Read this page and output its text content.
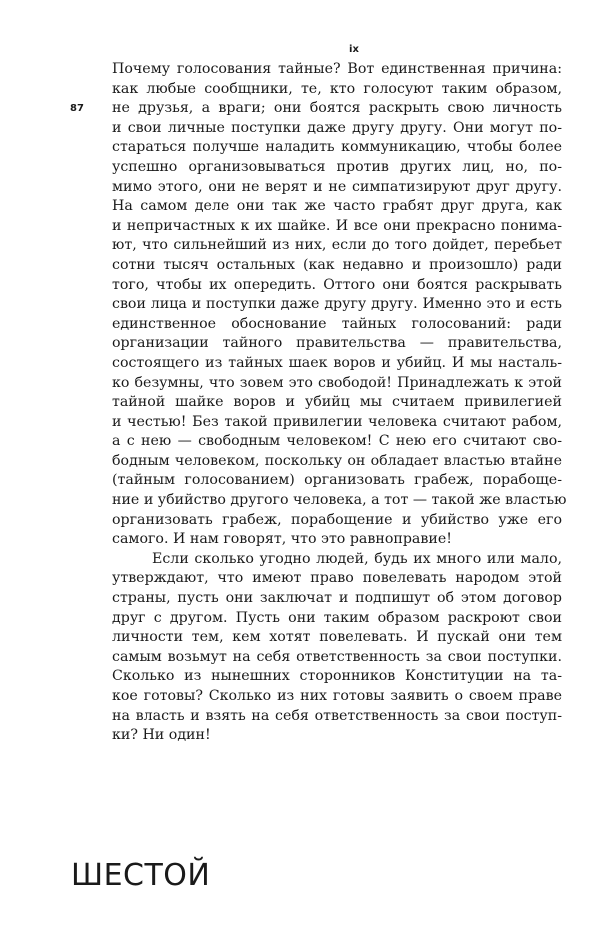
ix
87
Почему голосования тайные? Вот единственная причина:
как любые сообщники, те, кто голосуют таким образом,
не друзья, а враги; они боятся раскрыть свою личность
и свои личные поступки даже другу другу. Они могут по-
стараться получше наладить коммуникацию, чтобы более
успешно организовываться против других лиц, но, по-
мимо этого, они не верят и не симпатизируют друг другу.
На самом деле они так же часто грабят друг друга, как
и непричастных к их шайке. И все они прекрасно понима-
ют, что сильнейший из них, если до того дойдет, перебьет
сотни тысяч остальных (как недавно и произошло) ради
того, чтобы их опередить. Оттого они боятся раскрывать
свои лица и поступки даже другу другу. Именно это и есть
единственное обоснование тайных голосований: ради
организации тайного правительства — правительства,
состоящего из тайных шаек воров и убийц. И мы насталь-
ко безумны, что зовем это свободой! Принадлежать к этой
тайной шайке воров и убийц мы считаем привилегией
и честью! Без такой привилегии человека считают рабом,
а с нею — свободным человеком! С нею его считают сво-
бодным человеком, поскольку он обладает властью втайне
(тайным голосованием) организовать грабеж, порабоще-
ние и убийство другого человека, а тот — такой же властью
организовать грабеж, порабощение и убийство уже его
самого. И нам говорят, что это равноправие!
Если сколько угодно людей, будь их много или мало,
утверждают, что имеют право повелевать народом этой
страны, пусть они заключат и подпишут об этом договор
друг с другом. Пусть они таким образом раскроют свои
личности тем, кем хотят повелевать. И пускай они тем
самым возьмут на себя ответственность за свои поступки.
Сколько из нынешних сторонников Конституции на та-
кое готовы? Сколько из них готовы заявить о своем праве
на власть и взять на себя ответственность за свои поступ-
ки? Ни один!
ШЕСТОЙ
